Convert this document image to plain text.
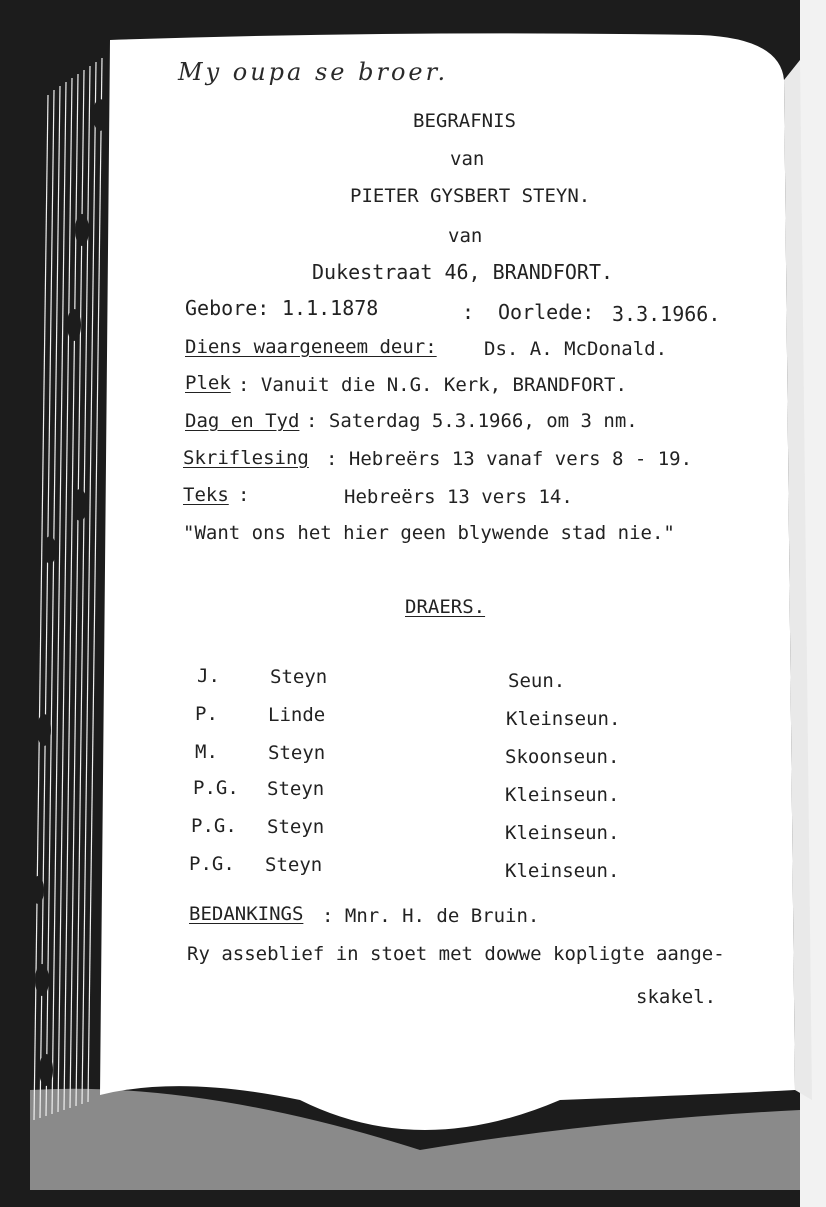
My oupa se broer.
BEGRAFNIS
van
PIETER GYSBERT STEYN.
van
Dukestraat 46, BRANDFORT.
Gebore: 1.1.1878	: Oorlede: 3.3.1966.
Diens waargeneem deur: Ds. A. McDonald.
Plek : Vanuit die N.G. Kerk, BRANDFORT.
Dag en Tyd : Saterdag 5.3.1966, om 3 nm.
Skriflesing : Hebreërs 13 vanaf vers 8 - 19.
Teks :	Hebreërs 13 vers 14.
"Want ons het hier geen blywende stad nie."
DRAERS.
J.	Steyn	Seun.
P.	Linde	Kleinseun.
M.	Steyn	Skoonseun.
P.G. Steyn	Kleinseun.
P.G. Steyn	Kleinseun.
P.G. Steyn	Kleinseun.
BEDANKINGS : Mnr. H. de Bruin.
Ry asseblief in stoet met dowwe kopligte aange-
skakel.
